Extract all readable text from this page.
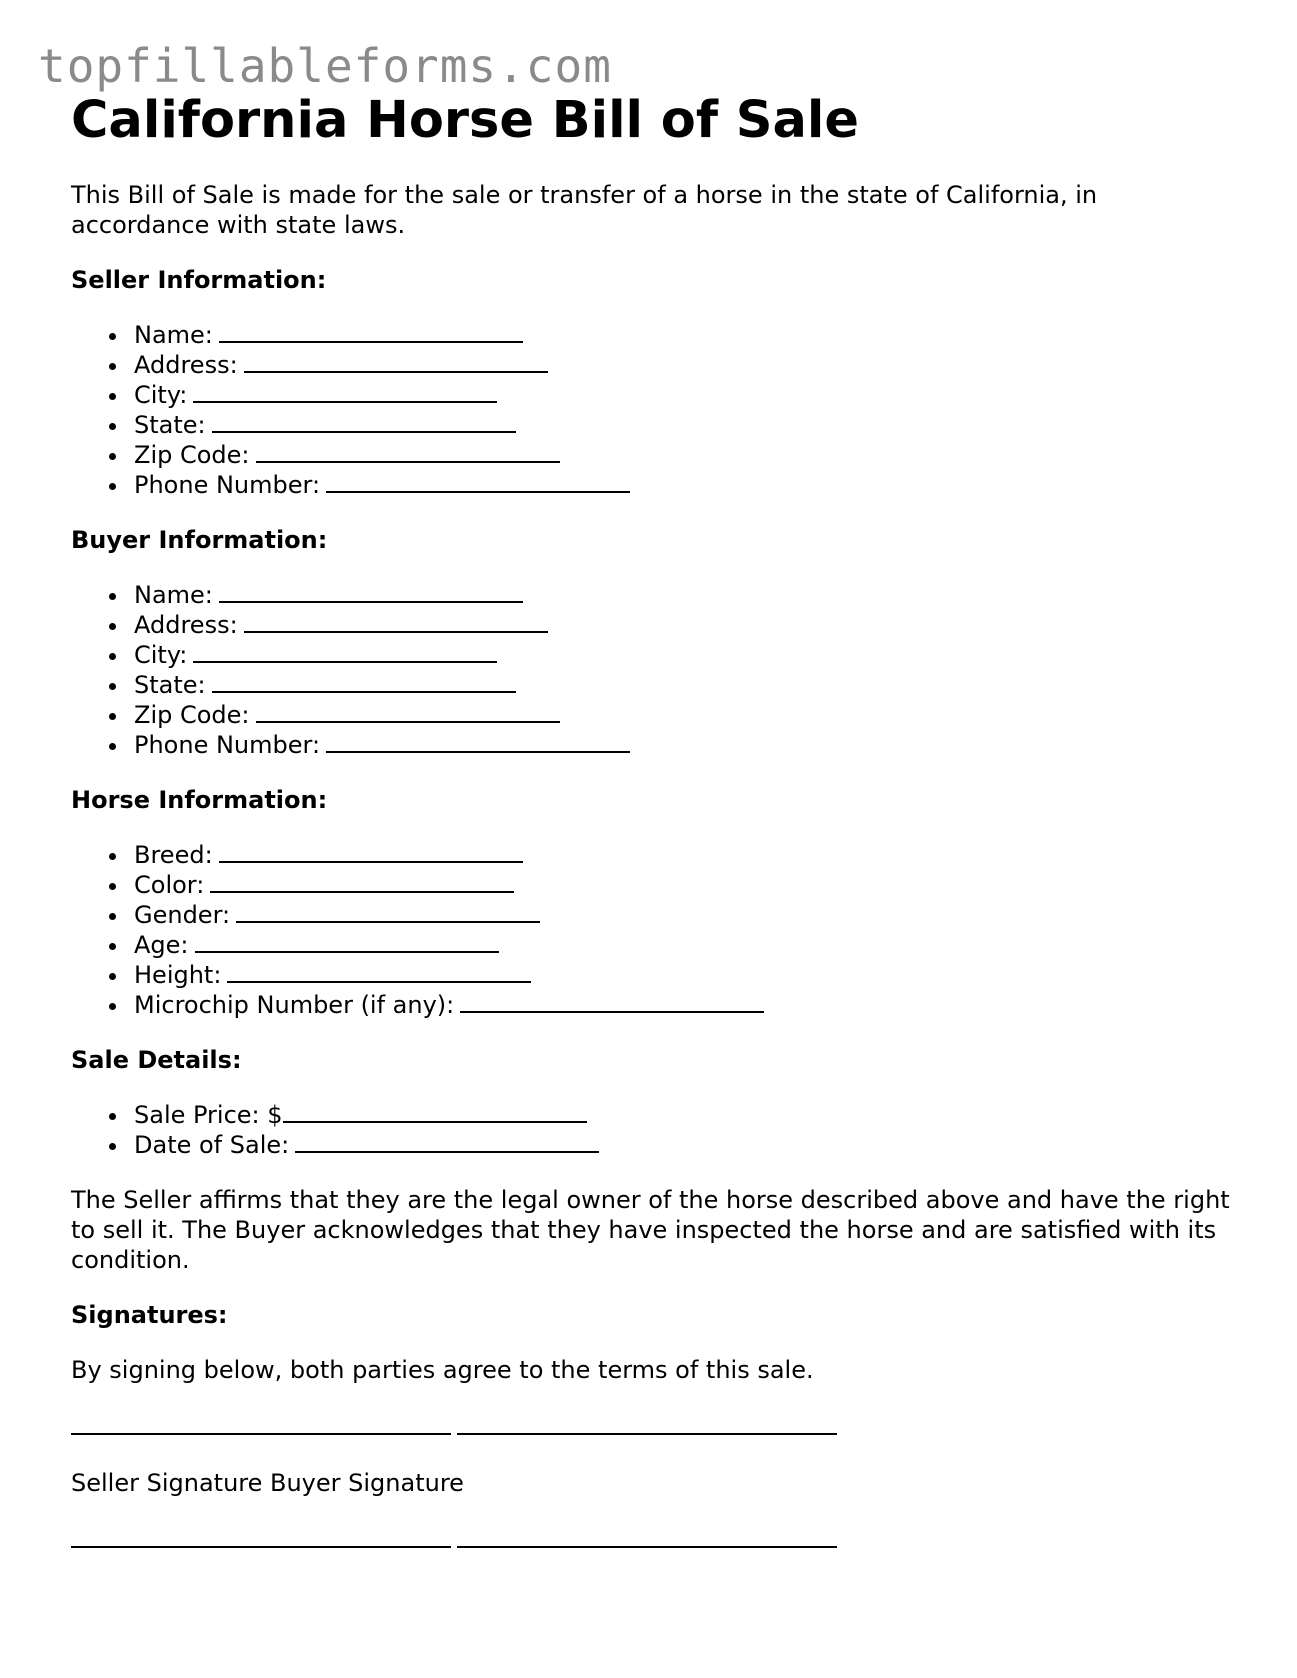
topfillableforms.com
California Horse Bill of Sale

This Bill of Sale is made for the sale or transfer of a horse in the state of California, in accordance with state laws.

Seller Information:
Name:
Address:
City:
State:
Zip Code:
Phone Number:
Buyer Information:
Name:
Address:
City:
State:
Zip Code:
Phone Number:
Horse Information:
Breed:
Color:
Gender:
Age:
Height:
Microchip Number (if any):
Sale Details:
Sale Price: $
Date of Sale:

The Seller affirms that they are the legal owner of the horse described above and have the right to sell it. The Buyer acknowledges that they have inspected the horse and are satisfied with its condition.

Signatures:

By signing below, both parties agree to the terms of this sale.

Seller Signature Buyer Signature
